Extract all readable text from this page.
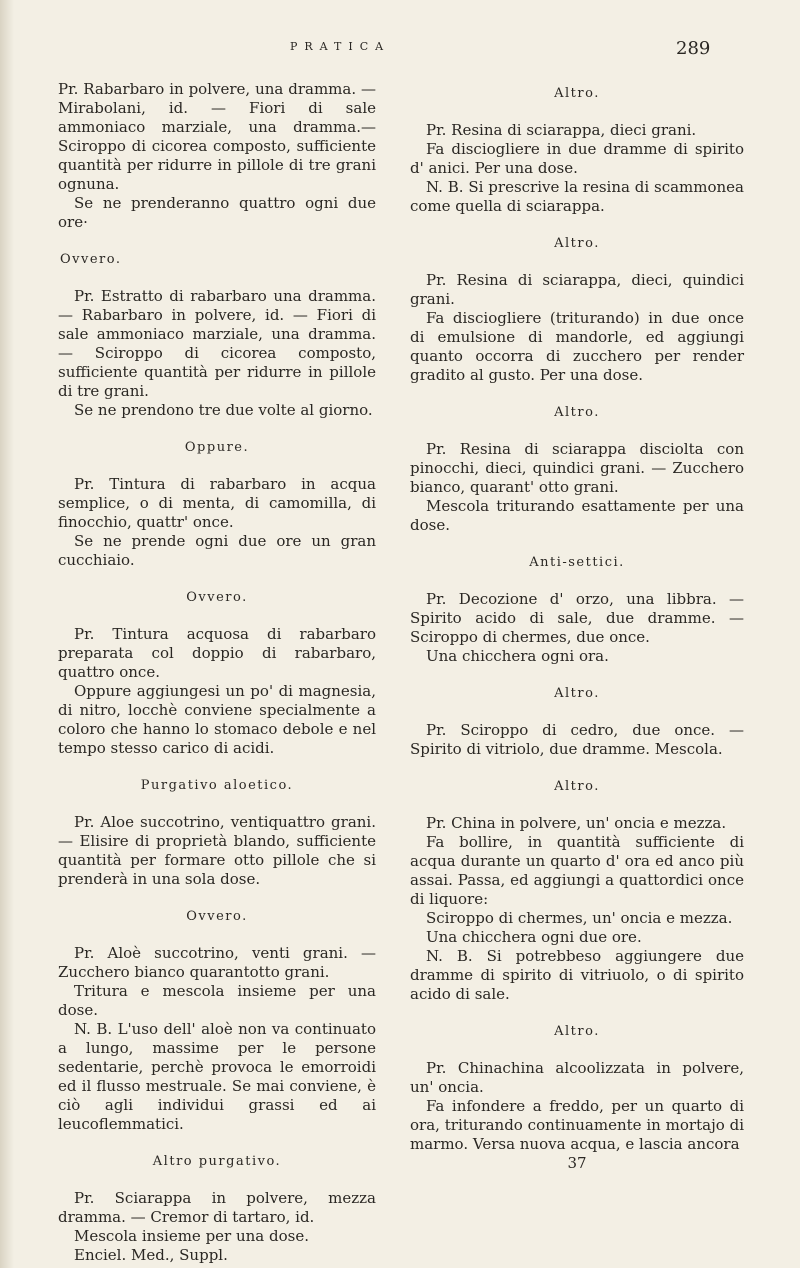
PRATICA	289

Pr. Rabarbaro in polvere, una dramma. — Mirabolani, id. — Fiori di sale ammoniaco marziale, una dramma.— Sciroppo di cicorea composto, sufficiente quantità per ridurre in pillole di tre grani ognuna.

Se ne prenderanno quattro ogni due ore·

Ovvero.

Pr. Estratto di rabarbaro una dramma. — Rabarbaro in polvere, id. — Fiori di sale ammoniaco marziale, una dramma. — Sciroppo di cicorea composto, sufficiente quantità per ridurre in pillole di tre grani.

Se ne prendono tre due volte al giorno.

Oppure.

Pr. Tintura di rabarbaro in acqua semplice, o di menta, di camomilla, di finocchio, quattr' once.

Se ne prende ogni due ore un gran cucchiaio.

Ovvero.

Pr. Tintura acquosa di rabarbaro preparata col doppio di rabarbaro, quattro once.

Oppure aggiungesi un po' di magnesia, di nitro, locchè conviene specialmente a coloro che hanno lo stomaco debole e nel tempo stesso carico di acidi.

Purgativo aloetico.

Pr. Aloe succotrino, ventiquattro grani. — Elisire di proprietà blando, sufficiente quantità per formare otto pillole che si prenderà in una sola dose.

Ovvero.

Pr. Aloè succotrino, venti grani. — Zucchero bianco quarantotto grani.

Tritura e mescola insieme per una dose.

N. B. L'uso dell' aloè non va continuato a lungo, massime per le persone sedentarie, perchè provoca le emorroidi ed il flusso mestruale. Se mai conviene, è ciò agli individui grassi ed ai leucoflemmatici.

Altro purgativo.

Pr. Sciarappa in polvere, mezza dramma. — Cremor di tartaro, id.

Mescola insieme per una dose.

Enciel. Med., Suppl.

Altro.

Pr. Resina di sciarappa, dieci grani.

Fa disciogliere in due dramme di spirito d' anici. Per una dose.

N. B. Si prescrive la resina di scammonea come quella di sciarappa.

Altro.

Pr. Resina di sciarappa, dieci, quindici grani.

Fa disciogliere (triturando) in due once di emulsione di mandorle, ed aggiungi quanto occorra di zucchero per render gradito al gusto. Per una dose.

Altro.

Pr. Resina di sciarappa disciolta con pinocchi, dieci, quindici grani. — Zucchero bianco, quarant' otto grani.

Mescola triturando esattamente per una dose.

Anti-settici.

Pr. Decozione d' orzo, una libbra. — Spirito acido di sale, due dramme. — Sciroppo di chermes, due once.

Una chicchera ogni ora.

Altro.

Pr. Sciroppo di cedro, due once. — Spirito di vitriolo, due dramme. Mescola.

Altro.

Pr. China in polvere, un' oncia e mezza.

Fa bollire, in quantità sufficiente di acqua durante un quarto d' ora ed anco più assai. Passa, ed aggiungi a quattordici once di liquore:

Sciroppo di chermes, un' oncia e mezza.

Una chicchera ogni due ore.

N. B. Si potrebbeso aggiungere due dramme di spirito di vitriuolo, o di spirito acido di sale.

Altro.

Pr. Chinachina alcoolizzata in polvere, un' oncia.

Fa infondere a freddo, per un quarto di ora, triturando continuamente in mortajo di marmo. Versa nuova acqua, e lascia ancora

37
